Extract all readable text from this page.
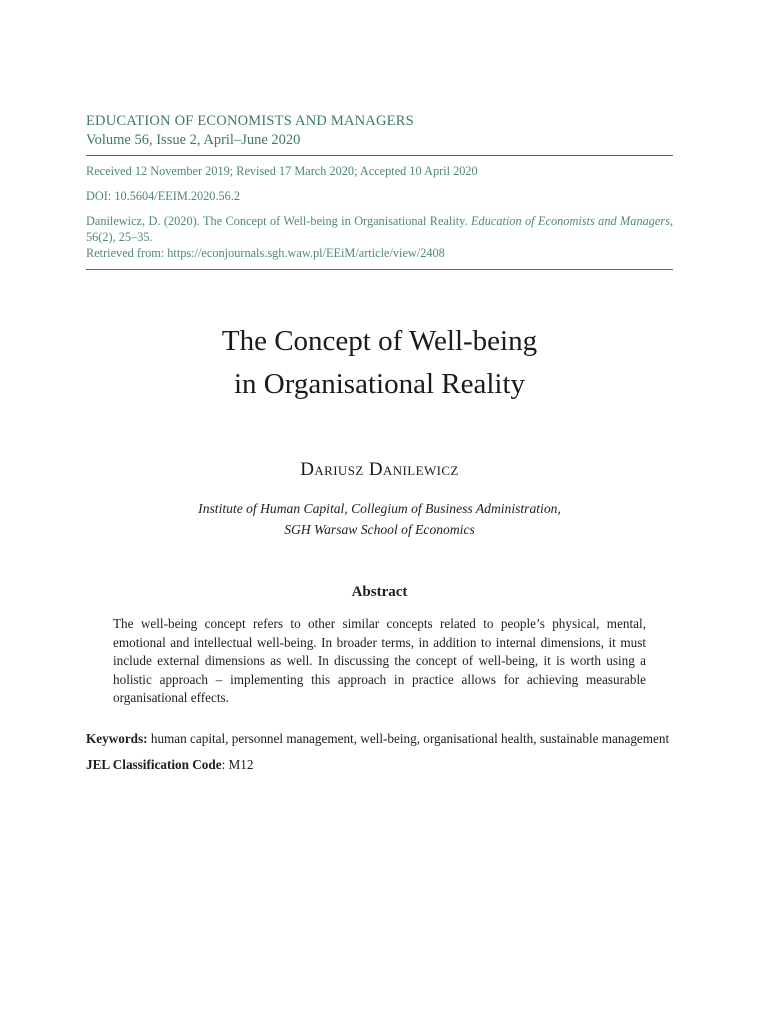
EDUCATION OF ECONOMISTS AND MANAGERS
Volume 56, Issue 2, April–June 2020
Received 12 November 2019; Revised 17 March 2020; Accepted 10 April 2020
DOI: 10.5604/EEIM.2020.56.2
Danilewicz, D. (2020). The Concept of Well-being in Organisational Reality. Education of Economists and Managers, 56(2), 25–35.
Retrieved from: https://econjournals.sgh.waw.pl/EEiM/article/view/2408
The Concept of Well-being
in Organisational Reality
Dariusz Danilewicz
Institute of Human Capital, Collegium of Business Administration,
SGH Warsaw School of Economics
Abstract
The well-being concept refers to other similar concepts related to people’s physical, mental, emotional and intellectual well-being. In broader terms, in addition to internal dimensions, it must include external dimensions as well. In discussing the concept of well-being, it is worth using a holistic approach – implementing this approach in practice allows for achieving measurable organisational effects.
Keywords: human capital, personnel management, well-being, organisational health, sustainable management
JEL Classification Code: M12
